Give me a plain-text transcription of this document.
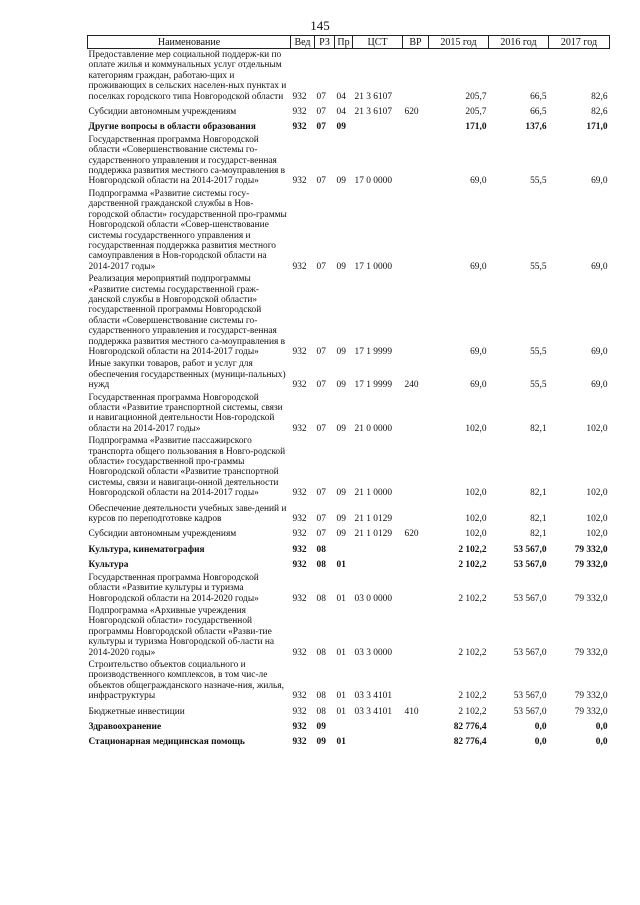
145
Наименование	Вед	РЗ	Пр	ЦСТ	ВР	2015 год	2016 год	2017 год
Предоставление мер социальной поддерж-ки по оплате жилья и коммунальных услуг отдельным категориям граждан, работаю-щих и проживающих в сельских населен-ных пунктах и поселках городского типа Новгородской области	932	07	04	21 3 6107		205,7	66,5	82,6
Субсидии автономным учреждениям	932	07	04	21 3 6107	620	205,7	66,5	82,6
Другие вопросы в области образования	932	07	09			171,0	137,6	171,0
Государственная программа Новгородской области «Совершенствование системы го-сударственного управления и государст-венная поддержка развития местного са-моуправления в Новгородской области на 2014-2017 годы»	932	07	09	17 0 0000		69,0	55,5	69,0
Подпрограмма «Развитие системы госу-дарственной гражданской службы в Нов-городской области» государственной про-граммы Новгородской области «Совер-шенствование системы государственного управления и государственная поддержка развития местного самоуправления в Нов-городской области на 2014-2017 годы»	932	07	09	17 1 0000		69,0	55,5	69,0
Реализация мероприятий подпрограммы «Развитие системы государственной граж-данской службы в Новгородской области» государственной программы Новгородской области «Совершенствование системы го-сударственного управления и государст-венная поддержка развития местного са-моуправления в Новгородской области на 2014-2017 годы»	932	07	09	17 1 9999		69,0	55,5	69,0
Иные закупки товаров, работ и услуг для обеспечения государственных (муници-пальных) нужд	932	07	09	17 1 9999	240	69,0	55,5	69,0
Государственная программа Новгородской области «Развитие транспортной системы, связи и навигационной деятельности Нов-городской области на 2014-2017 годы»	932	07	09	21 0 0000		102,0	82,1	102,0
Подпрограмма «Развитие пассажирского транспорта общего пользования в Новго-родской области» государственной про-граммы Новгородской области «Развитие транспортной системы, связи и навигаци-онной деятельности Новгородской области на 2014-2017 годы»	932	07	09	21 1 0000		102,0	82,1	102,0
Обеспечение деятельности учебных заве-дений и курсов по переподготовке кадров	932	07	09	21 1 0129		102,0	82,1	102,0
Субсидии автономным учреждениям	932	07	09	21 1 0129	620	102,0	82,1	102,0
Культура, кинематография	932	08				2 102,2	53 567,0	79 332,0
Культура	932	08	01			2 102,2	53 567,0	79 332,0
Государственная программа Новгородской области «Развитие культуры и туризма Новгородской области на 2014-2020 годы»	932	08	01	03 0 0000		2 102,2	53 567,0	79 332,0
Подпрограмма «Архивные учреждения Новгородской области» государственной программы Новгородской области «Разви-тие культуры и туризма Новгородской об-ласти на 2014-2020 годы»	932	08	01	03 3 0000		2 102,2	53 567,0	79 332,0
Строительство объектов социального и производственного комплексов, в том чис-ле объектов общегражданского назначе-ния, жилья, инфраструктуры	932	08	01	03 3 4101		2 102,2	53 567,0	79 332,0
Бюджетные инвестиции	932	08	01	03 3 4101	410	2 102,2	53 567,0	79 332,0
Здравоохранение	932	09				82 776,4	0,0	0,0
Стационарная медицинская помощь	932	09	01			82 776,4	0,0	0,0
